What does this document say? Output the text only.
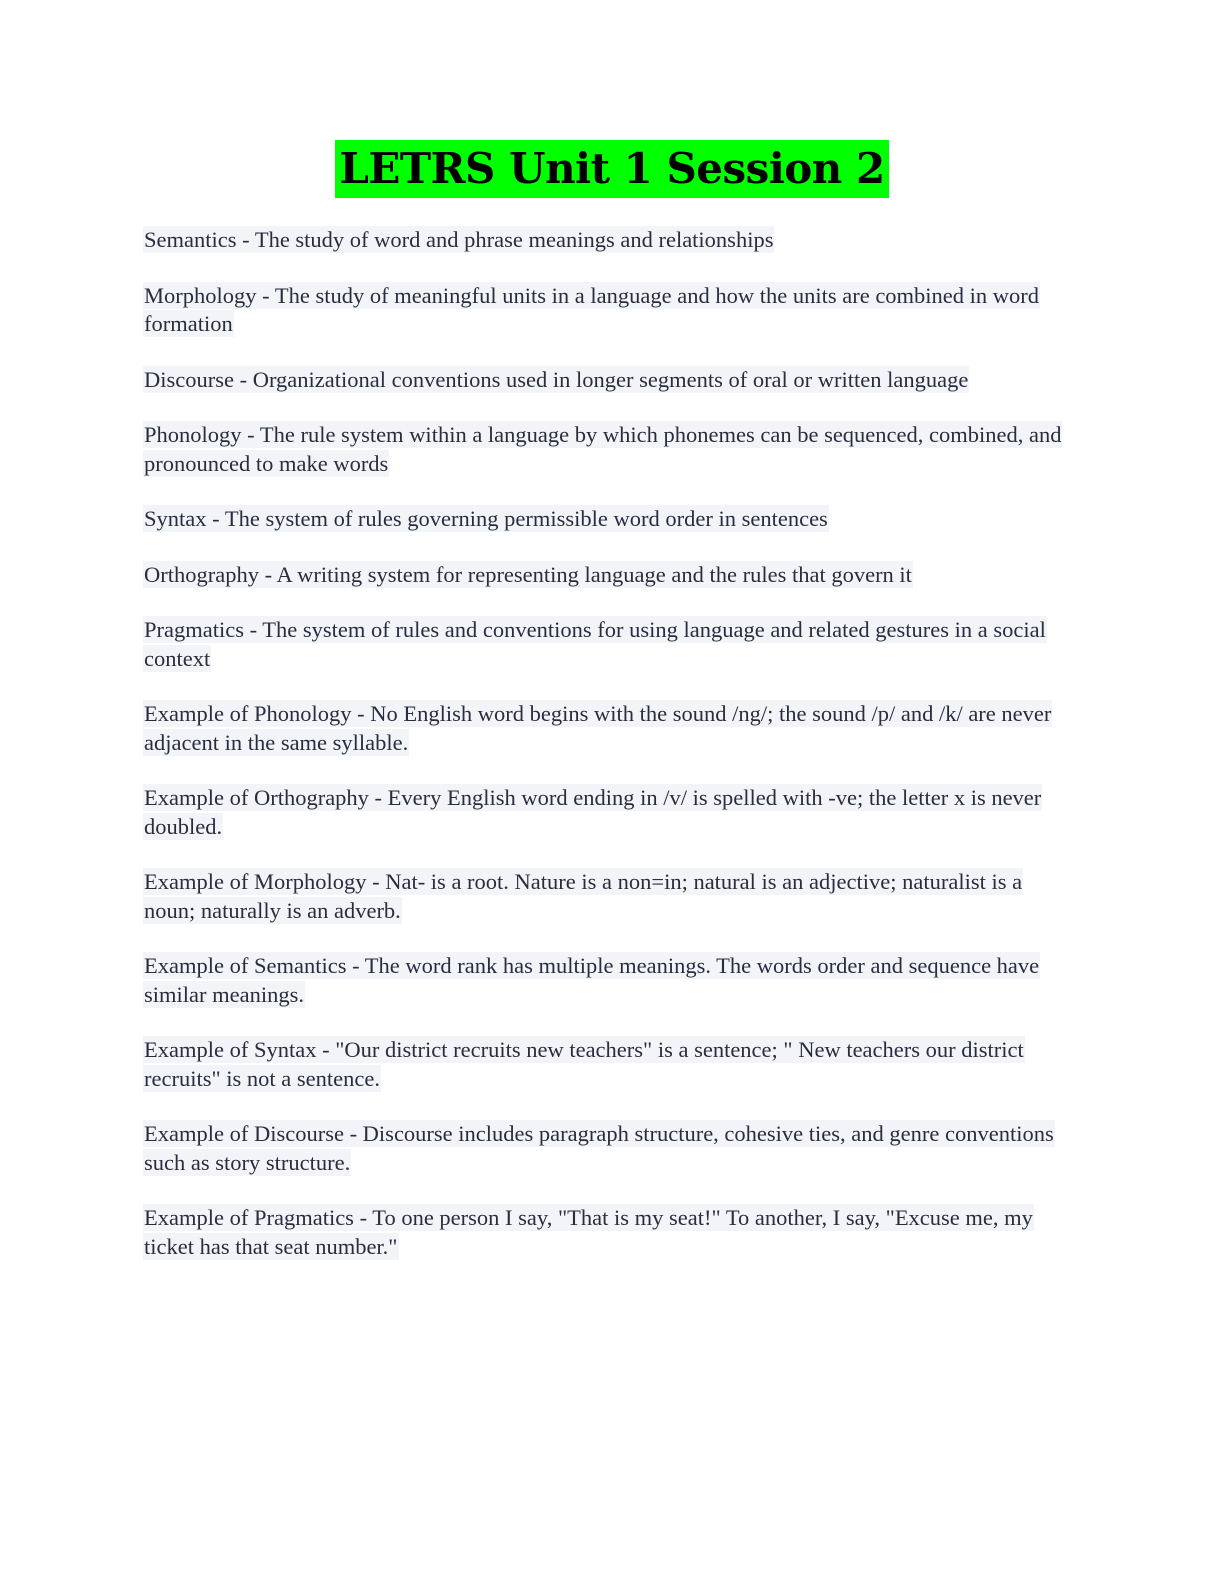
LETRS Unit 1 Session 2

Semantics - The study of word and phrase meanings and relationships

Morphology - The study of meaningful units in a language and how the units are combined in word formation

Discourse - Organizational conventions used in longer segments of oral or written language

Phonology - The rule system within a language by which phonemes can be sequenced, combined, and pronounced to make words

Syntax - The system of rules governing permissible word order in sentences

Orthography - A writing system for representing language and the rules that govern it

Pragmatics - The system of rules and conventions for using language and related gestures in a social context

Example of Phonology - No English word begins with the sound /ng/; the sound /p/ and /k/ are never adjacent in the same syllable.

Example of Orthography - Every English word ending in /v/ is spelled with -ve; the letter x is never doubled.

Example of Morphology - Nat- is a root. Nature is a non=in; natural is an adjective; naturalist is a noun; naturally is an adverb.

Example of Semantics - The word rank has multiple meanings. The words order and sequence have similar meanings.

Example of Syntax - "Our district recruits new teachers" is a sentence; " New teachers our district recruits" is not a sentence.

Example of Discourse - Discourse includes paragraph structure, cohesive ties, and genre conventions such as story structure.

Example of Pragmatics - To one person I say, "That is my seat!" To another, I say, "Excuse me, my ticket has that seat number."
